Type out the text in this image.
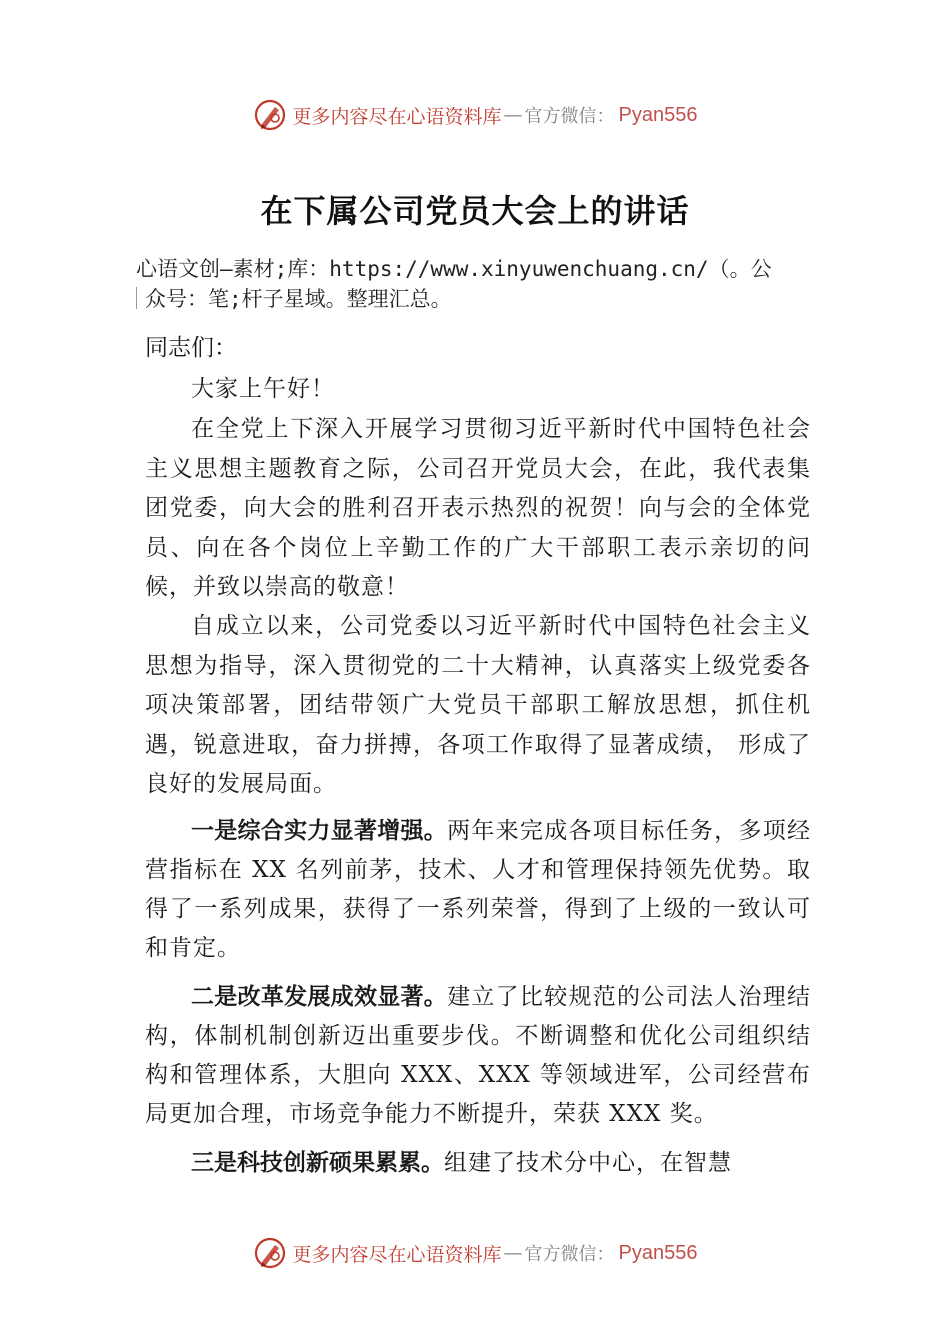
更多内容尽在心语资料库 — 官方微信： Pyan556
在下属公司党员大会上的讲话
心语文创—素材;库：https://www.xinyuwenchuang.cn/（。公
众号：笔;杆子星域。整理汇总。
同志们：
大家上午好！
在全党上下深入开展学习贯彻习近平新时代中国特色社会主义思想主题教育之际，公司召开党员大会，在此，我代表集团党委，向大会的胜利召开表示热烈的祝贺！向与会的全体党员、向在各个岗位上辛勤工作的广大干部职工表示亲切的问候，并致以崇高的敬意！
自成立以来，公司党委以习近平新时代中国特色社会主义思想为指导，深入贯彻党的二十大精神，认真落实上级党委各项决策部署，团结带领广大党员干部职工解放思想，抓住机遇，锐意进取，奋力拼搏，各项工作取得了显著成绩， 形成了良好的发展局面。
一是综合实力显著增强。两年来完成各项目标任务，多项经营指标在 XX 名列前茅，技术、人才和管理保持领先优势。取得了一系列成果，获得了一系列荣誉，得到了上级的一致认可和肯定。
二是改革发展成效显著。建立了比较规范的公司法人治理结构，体制机制创新迈出重要步伐。不断调整和优化公司组织结构和管理体系，大胆向 XXX、XXX 等领域进军，公司经营布局更加合理，市场竞争能力不断提升，荣获 XXX 奖。
三是科技创新硕果累累。组建了技术分中心，在智慧
更多内容尽在心语资料库 — 官方微信： Pyan556
